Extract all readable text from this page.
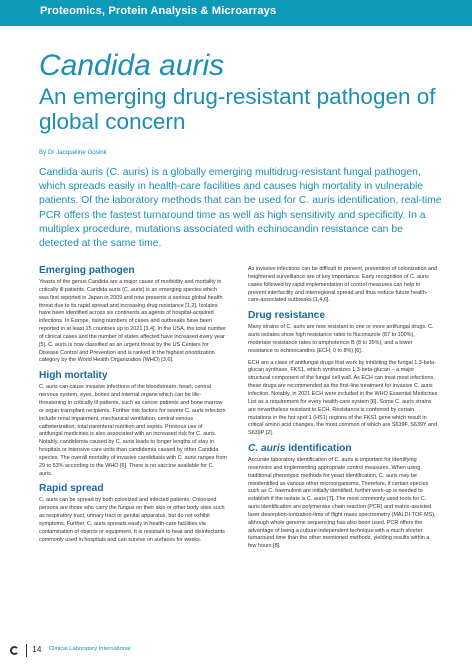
Proteomics, Protein Analysis & Microarrays
Candida auris
An emerging drug-resistant pathogen of global concern
By Dr Jacqueline Gosink

Candida auris (C. auris) is a globally emerging multidrug-resistant fungal pathogen, which spreads easily in health-care facilities and causes high mortality in vulnerable patients. Of the laboratory methods that can be used for C. auris identification, real-time PCR offers the fastest turnaround time as well as high sensitivity and specificity. In a multiplex procedure, mutations associated with echinocandin resistance can be detected at the same time.

Emerging pathogen

Yeasts of the genus Candida are a major cause of morbidity and mortality in critically ill patients. Candida auris (C. auris) is an emerging species which was first reported in Japan in 2009 and now presents a serious global health threat due to its rapid spread and increasing drug resistance [1,2]. Isolates have been identified across six continents as agents of hospital-acquired infections. In Europe, rising numbers of cases and outbreaks have been reported in at least 15 countries up to 2021 [3,4]. In the USA, the total number of clinical cases and the number of states affected have increased every year [5]. C. auris is now classified as an urgent threat by the US Centers for Disease Control and Prevention and is ranked in the highest prioritization category by the World Health Organization (WHO) [3,6].

High mortality

C. auris can cause invasive infections of the bloodstream, heart, central nervous system, eyes, bones and internal organs which can be life-threatening in critically ill patients, such as cancer patients and bone marrow or organ transplant recipients. Further risk factors for severe C. auris infection include renal impairment, mechanical ventilation, central venous catheterization, total parenteral nutrition and sepsis. Previous use of antifungal medicines is also associated with an increased risk for C. auris. Notably, candidemia caused by C. auris leads to longer lengths of stay in hospitals or intensive care units than candidemia caused by other Candida species. The overall mortality of invasive candidiasis with C. auris ranges from 29 to 53% according to the WHO [6]. There is no vaccine available for C. auris.

Rapid spread

C. auris can be spread by both colonized and infected patients. Colonized persons are those who carry the fungus on their skin or other body sites such as respiratory tract, urinary tract or genital apparatus, but do not exhibit symptoms. Further, C. auris spreads easily in health-care facilities via contamination of objects or equipment. It is resistant to heat and disinfectants commonly used in hospitals and can survive on surfaces for weeks.

As invasive infections can be difficult to prevent, prevention of colonization and heightened surveillance are of key importance. Early recognition of C. auris cases followed by rapid implementation of control measures can help to prevent interfacility and interregional spread and thus reduce future health-care-associated outbreaks [1,4,6].

Drug resistance

Many strains of C. auris are now resistant to one or more antifungal drugs. C. auris isolates show high resistance rates to fluconazole (87 to 100%), moderate resistance rates to amphotericin B (8 to 35%), and a lower resistance to echinocandins (ECH; 0 to 8%) [6].

ECH are a class of antifungal drugs that work by inhibiting the fungal 1,3-beta-glucan synthase, FKS1, which synthesizes 1,3-beta-glucan – a major structural component of the fungal cell wall. As ECH can treat most infections, these drugs are recommended as the first-line treatment for invasive C. auris infection. Notably, in 2021 ECH were included in the WHO Essential Medicines List as a requirement for every health-care system [6]. Some C. auris strains are nevertheless resistant to ECH. Resistance is conferred by certain mutations in the hot spot 1 (HS1) regions of the FKS1 gene which result in critical amino acid changes, the most common of which are S639F, S639Y and S639P [2].

C. auris identification

Accurate laboratory identification of C. auris is important for identifying reservoirs and implementing appropriate control measures. When using traditional phenotypic methods for yeast identification, C. auris may be misidentified as various other microorganisms. Therefore, if certain species such as C. haemulonii are initially identified, further work-up is needed to establish if the isolate is C. auris [7]. The most commonly used tools for C. auris identification are polymerase chain reaction (PCR) and matrix-assisted laser desorption-ionization-time of flight mass spectrometry (MALDI-TOF MS), although whole genome sequencing has also been used. PCR offers the advantage of being a culture-independent technique with a much shorter turnaround time than the other mentioned methods, yielding results within a few hours [8].

14 Clinical Laboratory International
